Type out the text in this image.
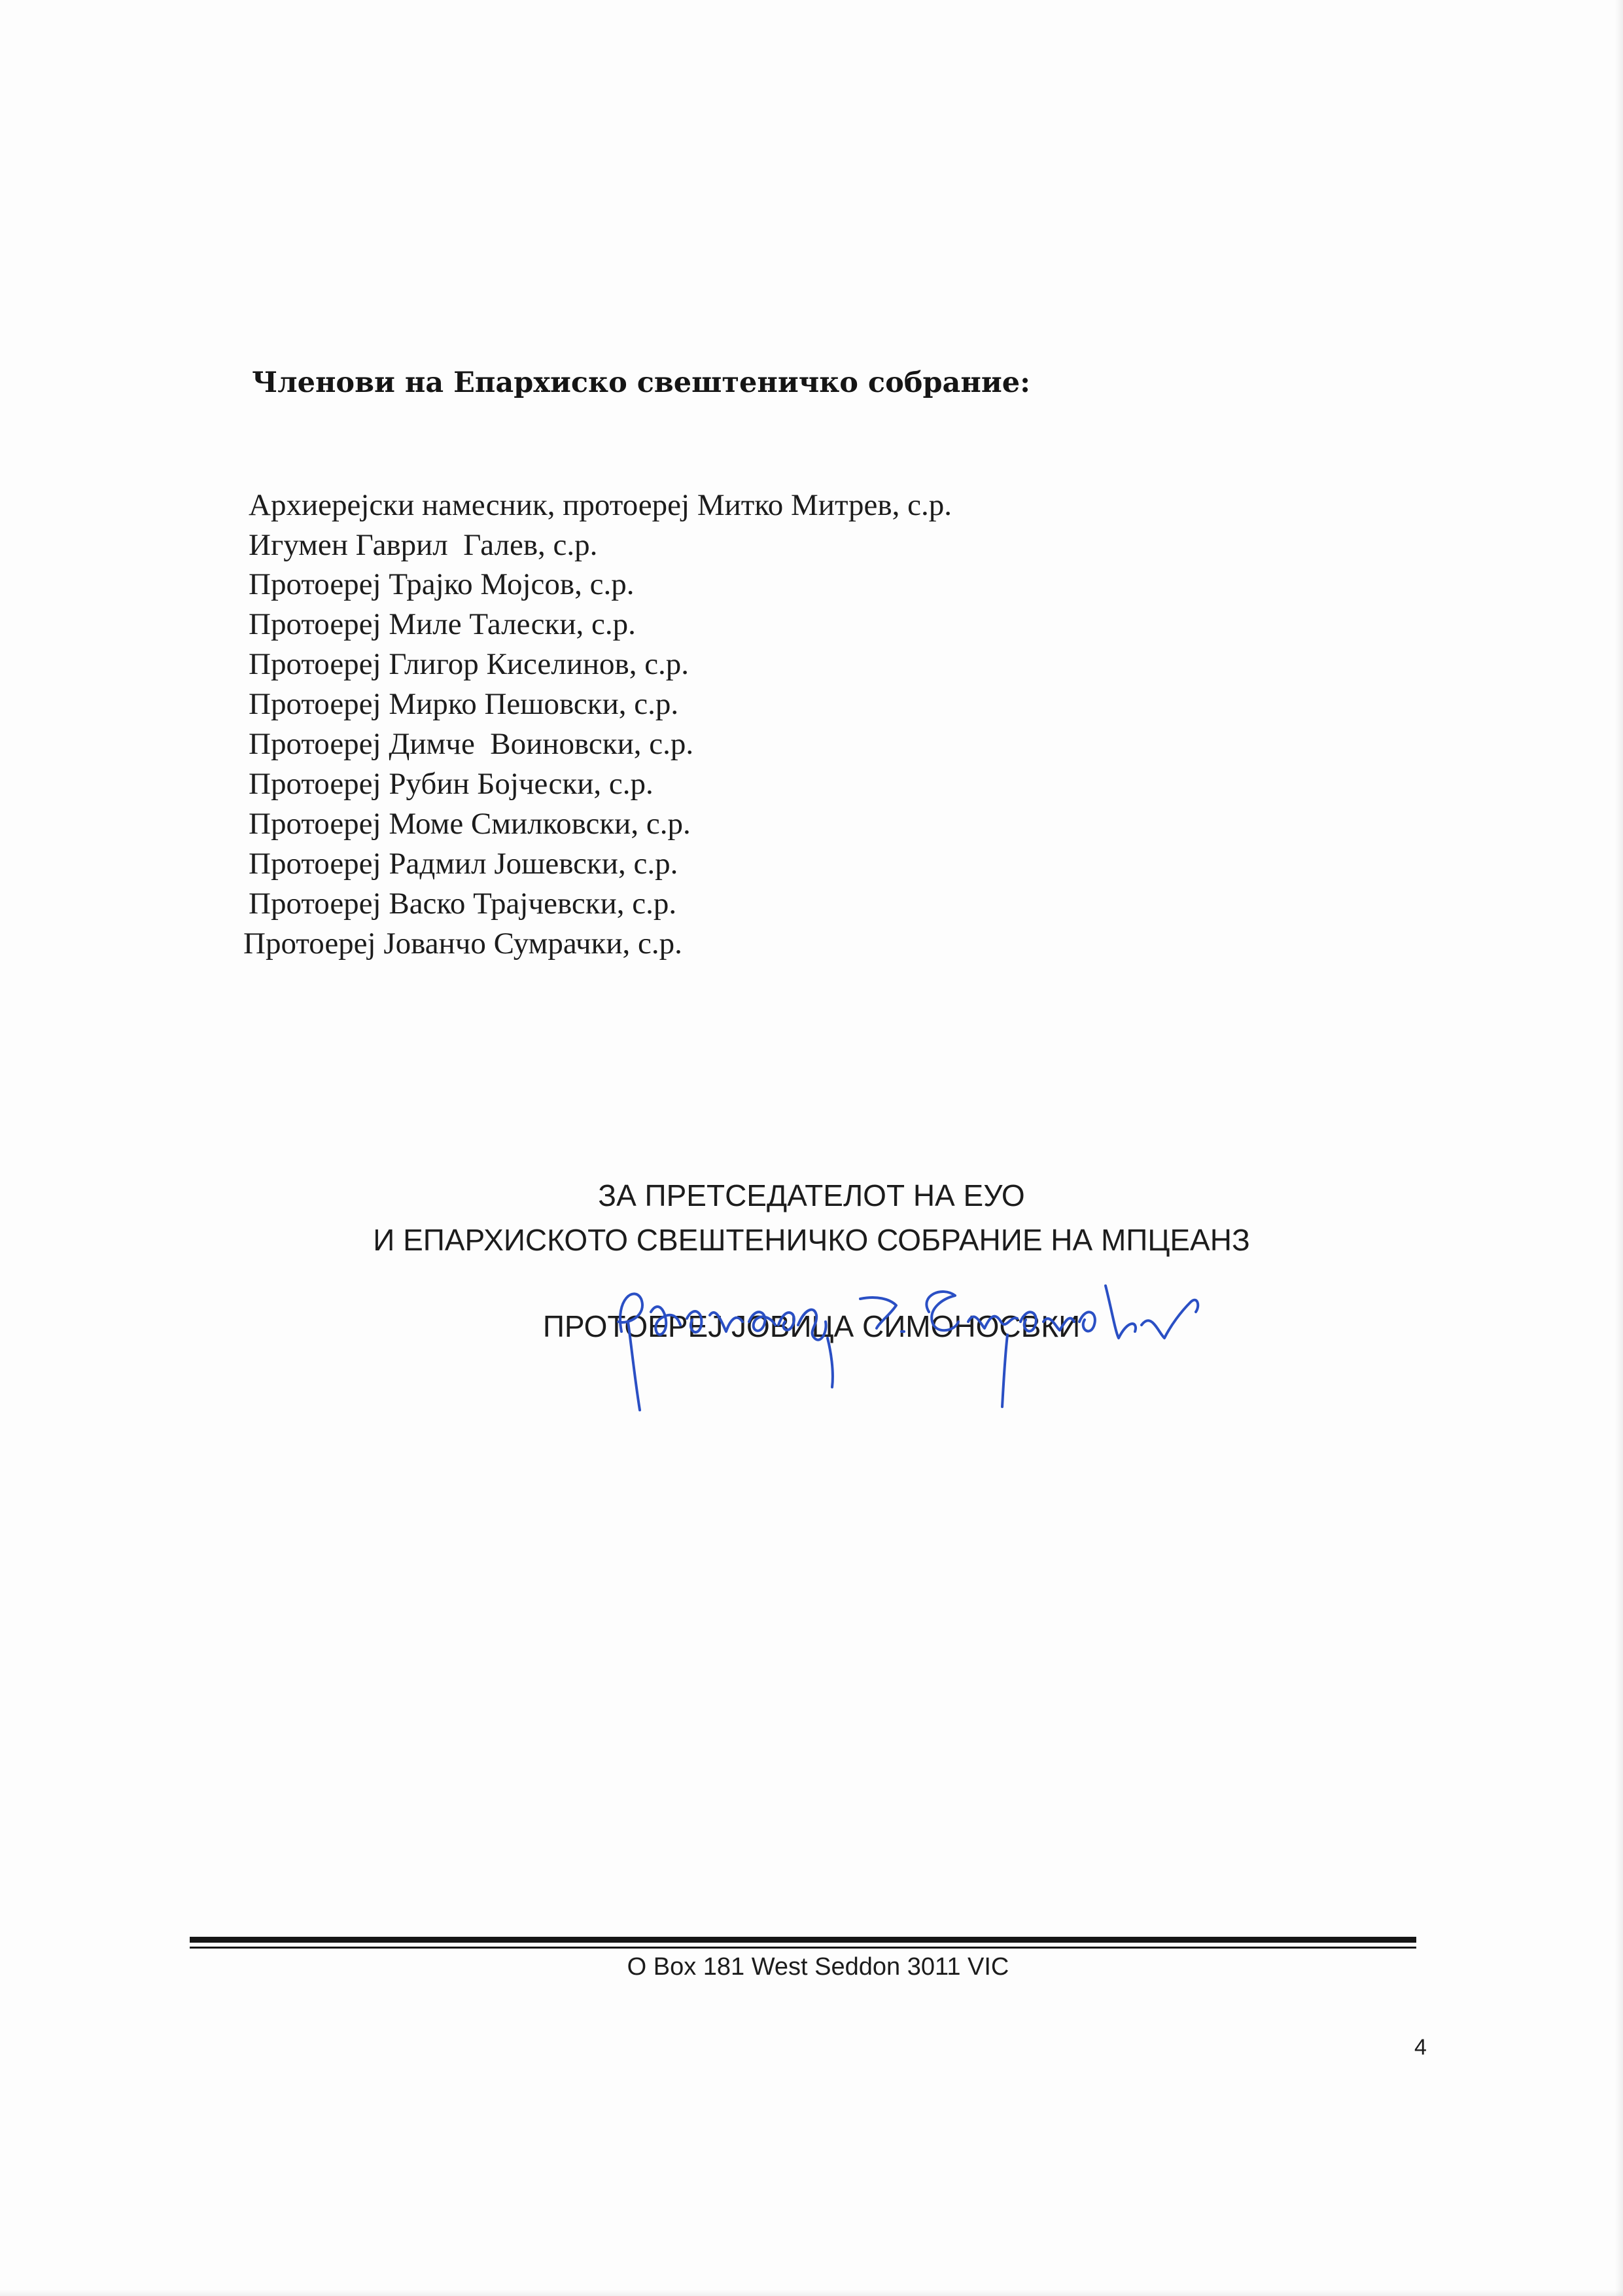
Членови на Епархиско свештеничко собрание:
Архиерејски намесник, протоереј Митко Митрев, с.р.
Игумен Гаврил  Галев, с.р.
Протоереј Трајко Мојсов, с.р.
Протоереј Миле Талески, с.р.
Протоереј Глигор Киселинов, с.р.
Протоереј Мирко Пешовски, с.р.
Протоереј Димче  Воиновски, с.р.
Протоереј Рубин Бојчески, с.р.
Протоереј Моме Смилковски, с.р.
Протоереј Радмил Јошевски, с.р.
Протоереј Васко Трајчевски, с.р.
Протоереј Јованчо Сумрачки, с.р.
ЗА ПРЕТСЕДАТЕЛОТ НА ЕУО
И ЕПАРХИСКОТО СВЕШТЕНИЧКО СОБРАНИЕ НА МПЦЕАНЗ
ПРОТОЕРЕЈ ЈОВИЦА СИМОНОСВКИ
O Box 181 West Seddon 3011 VIC
4
